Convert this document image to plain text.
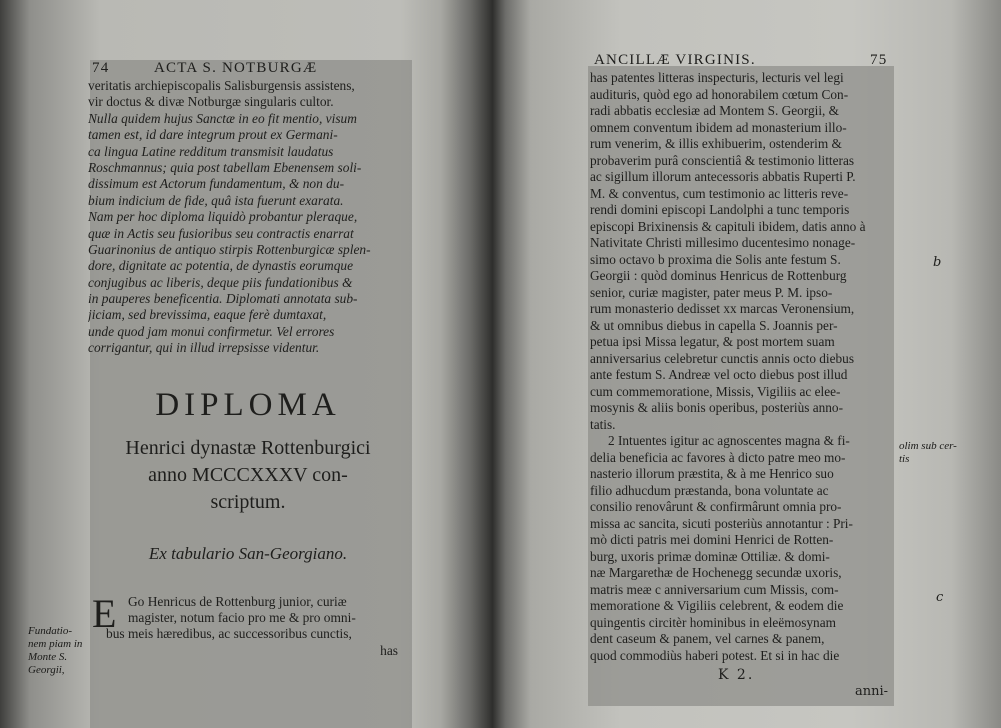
74	ACTA S. NOTBURGÆ
veritatis archiepiscopalis Salisburgensis assistens,
vir doctus & divæ Notburgæ singularis cultor.
Nulla quidem hujus Sanctæ in eo fit mentio, visum
tamen est, id dare integrum prout ex Germani-
ca lingua Latine redditum transmisit laudatus
Roschmannus; quia post tabellam Ebenensem soli-
dissimum est Actorum fundamentum, & non du-
bium indicium de fide, quâ ista fuerunt exarata.
Nam per hoc diploma liquidò probantur pleraque,
quæ in Actis seu fusioribus seu contractis enarrat
Guarinonius de antiquo stirpis Rottenburgicæ splen-
dore, dignitate ac potentia, de dynastis eorumque
conjugibus ac liberis, deque piis fundationibus &
in pauperes beneficentia. Diplomati annotata sub-
jiciam, sed brevissima, eaque ferè dumtaxat,
unde quod jam monui confirmetur. Vel errores
corrigantur, qui in illud irrepsisse videntur.
DIPLOMA
Henrici dynastæ Rottenburgici
anno MCCCXXXV con-
scriptum.
Ex tabulario San-Georgiano.
E Go Henricus de Rottenburg junior, curiæ
magister, notum facio pro me & pro omni-
bus meis hæredibus, ac successoribus cunctis,
has
Fundatio-
nem piam in
Monte S.
Georgii,
ANCILLÆ VIRGINIS.	75
has patentes litteras inspecturis, lecturis vel legi
audituris, quòd ego ad honorabilem cœtum Con-
radi abbatis ecclesiæ ad Montem S. Georgii, &
omnem conventum ibidem ad monasterium illo-
rum venerim, & illis exhibuerim, ostenderim &
probaverim purâ conscientiâ & testimonio litteras
ac sigillum illorum antecessoris abbatis Ruperti P.
M. & conventus, cum testimonio ac litteris reve-
rendi domini episcopi Landolphi a tunc temporis
episcopi Brixinensis & capituli ibidem, datis anno à
Nativitate Christi millesimo ducentesimo nonage-
simo octavo b proxima die Solis ante festum S.
Georgii : quòd dominus Henricus de Rottenburg
senior, curiæ magister, pater meus P. M. ipso-
rum monasterio dedisset xx marcas Veronensium,
& ut omnibus diebus in capella S. Joannis per-
petua ipsi Missa legatur, & post mortem suam
anniversarius celebretur cunctis annis octo diebus
ante festum S. Andreæ vel octo diebus post illud
cum commemoratione, Missis, Vigiliis ac elee-
mosynis & aliis bonis operibus, posteriùs anno-
tatis.
2 Intuentes igitur ac agnoscentes magna & fi-
delia beneficia ac favores à dicto patre meo mo-
nasterio illorum præstita, & à me Henrico suo
filio adhucdum præstanda, bona voluntate ac
consilio renovârunt & confirmârunt omnia pro-
missa ac sancita, sicuti posteriùs annotantur : Pri-
mò dicti patris mei domini Henrici de Rotten-
burg, uxoris primæ dominæ Ottiliæ. & domi-
næ Margarethæ de Hochenegg secundæ uxoris,
matris meæ c anniversarium cum Missis, com-
memoratione & Vigiliis celebrent, & eodem die
quingentis circitèr hominibus in eleëmosynam
dent caseum & panem, vel carnes & panem,
quod commodiùs haberi potest. Et si in hac die
K 2.
anni-
olim sub cer-
tis
b
c
